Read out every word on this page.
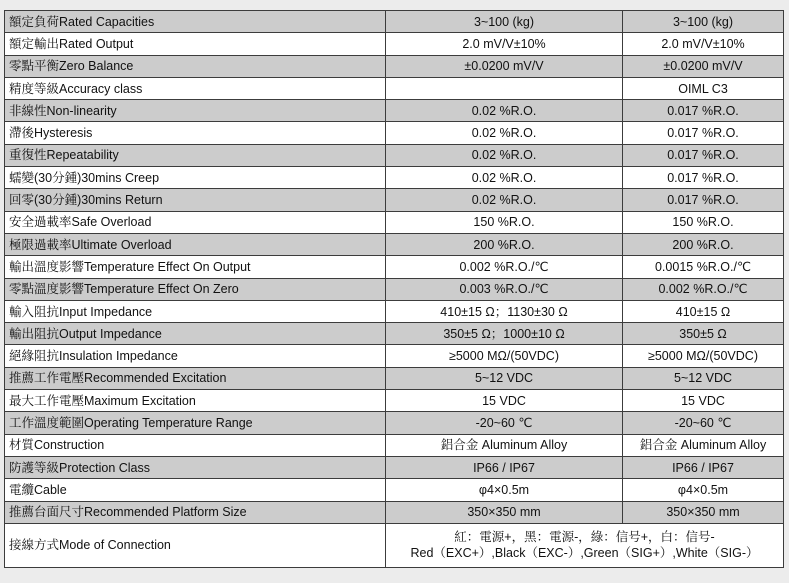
額定負荷Rated Capacities	3~100 (kg)	3~100 (kg)
額定輸出Rated Output	2.0 mV/V±10%	2.0 mV/V±10%
零點平衡Zero Balance	±0.0200 mV/V	±0.0200 mV/V
精度等級Accuracy class		OIML C3
非線性Non-linearity	0.02 %R.O.	0.017 %R.O.
滯後Hysteresis	0.02 %R.O.	0.017 %R.O.
重復性Repeatability	0.02 %R.O.	0.017 %R.O.
蠕變(30分鍾)30mins Creep	0.02 %R.O.	0.017 %R.O.
回零(30分鍾)30mins Return	0.02 %R.O.	0.017 %R.O.
安全過載率Safe Overload	150 %R.O.	150 %R.O.
極限過載率Ultimate Overload	200 %R.O.	200 %R.O.
輸出溫度影響Temperature Effect On Output	0.002 %R.O./℃	0.0015 %R.O./℃
零點溫度影響Temperature Effect On Zero	0.003 %R.O./℃	0.002 %R.O./℃
輸入阻抗Input Impedance	410±15 Ω；1130±30 Ω	410±15 Ω
輸出阻抗Output Impedance	350±5 Ω；1000±10 Ω	350±5 Ω
絕緣阻抗Insulation Impedance	≥5000 MΩ/(50VDC)	≥5000 MΩ/(50VDC)
推薦工作電壓Recommended Excitation	5~12 VDC	5~12 VDC
最大工作電壓Maximum Excitation	15 VDC	15 VDC
工作溫度範圍Operating Temperature Range	-20~60 ℃	-20~60 ℃
材質Construction	鋁合金 Aluminum Alloy	鋁合金 Aluminum Alloy
防護等級Protection Class	IP66 / IP67	IP66 / IP67
電纜Cable	φ4×0.5m	φ4×0.5m
推薦台面尺寸Recommended Platform Size	350×350 mm	350×350 mm
接線方式Mode of Connection	紅：電源+，黑：電源-，綠：信号+，白：信号-
Red（EXC+）,Black（EXC-）,Green（SIG+）,White（SIG-）	
